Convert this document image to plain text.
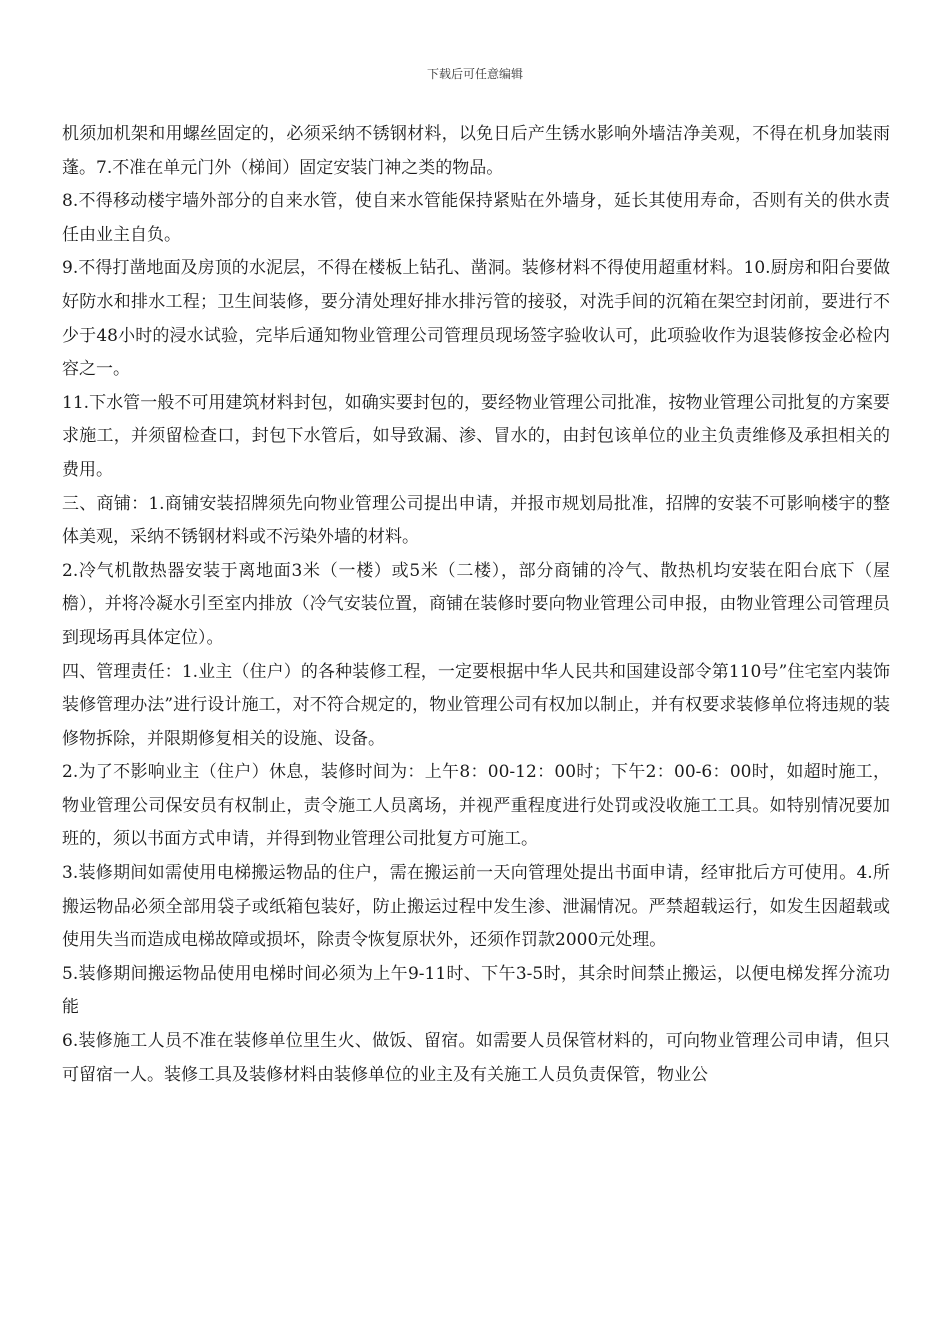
下载后可任意编辑

机须加机架和用螺丝固定的，必须采纳不锈钢材料，以免日后产生锈水影响外墙洁净美观，不得在机身加装雨蓬。7.不准在单元门外（梯间）固定安装门神之类的物品。

8.不得移动楼宇墙外部分的自来水管，使自来水管能保持紧贴在外墙身，延长其使用寿命，否则有关的供水责任由业主自负。

9.不得打凿地面及房顶的水泥层，不得在楼板上钻孔、凿洞。装修材料不得使用超重材料。10.厨房和阳台要做好防水和排水工程；卫生间装修，要分清处理好排水排污管的接驳，对洗手间的沉箱在架空封闭前，要进行不少于48小时的浸水试验，完毕后通知物业管理公司管理员现场签字验收认可，此项验收作为退装修按金必检内容之一。

11.下水管一般不可用建筑材料封包，如确实要封包的，要经物业管理公司批准，按物业管理公司批复的方案要求施工，并须留检查口，封包下水管后，如导致漏、渗、冒水的，由封包该单位的业主负责维修及承担相关的费用。

三、商铺：1.商铺安装招牌须先向物业管理公司提出申请，并报市规划局批准，招牌的安装不可影响楼宇的整体美观，采纳不锈钢材料或不污染外墙的材料。

2.冷气机散热器安装于离地面3米（一楼）或5米（二楼），部分商铺的冷气、散热机均安装在阳台底下（屋檐），并将冷凝水引至室内排放（冷气安装位置，商铺在装修时要向物业管理公司申报，由物业管理公司管理员到现场再具体定位）。

四、管理责任：1.业主（住户）的各种装修工程，一定要根据中华人民共和国建设部令第110号”住宅室内装饰装修管理办法”进行设计施工，对不符合规定的，物业管理公司有权加以制止，并有权要求装修单位将违规的装修物拆除，并限期修复相关的设施、设备。

2.为了不影响业主（住户）休息，装修时间为：上午8：00-12：00时；下午2：00-6：00时，如超时施工，物业管理公司保安员有权制止，责令施工人员离场，并视严重程度进行处罚或没收施工工具。如特别情况要加班的，须以书面方式申请，并得到物业管理公司批复方可施工。

3.装修期间如需使用电梯搬运物品的住户，需在搬运前一天向管理处提出书面申请，经审批后方可使用。4.所搬运物品必须全部用袋子或纸箱包装好，防止搬运过程中发生渗、泄漏情况。严禁超载运行，如发生因超载或使用失当而造成电梯故障或损坏，除责令恢复原状外，还须作罚款2000元处理。

5.装修期间搬运物品使用电梯时间必须为上午9-11时、下午3-5时，其余时间禁止搬运，以便电梯发挥分流功能

6.装修施工人员不准在装修单位里生火、做饭、留宿。如需要人员保管材料的，可向物业管理公司申请，但只可留宿一人。装修工具及装修材料由装修单位的业主及有关施工人员负责保管，物业公
